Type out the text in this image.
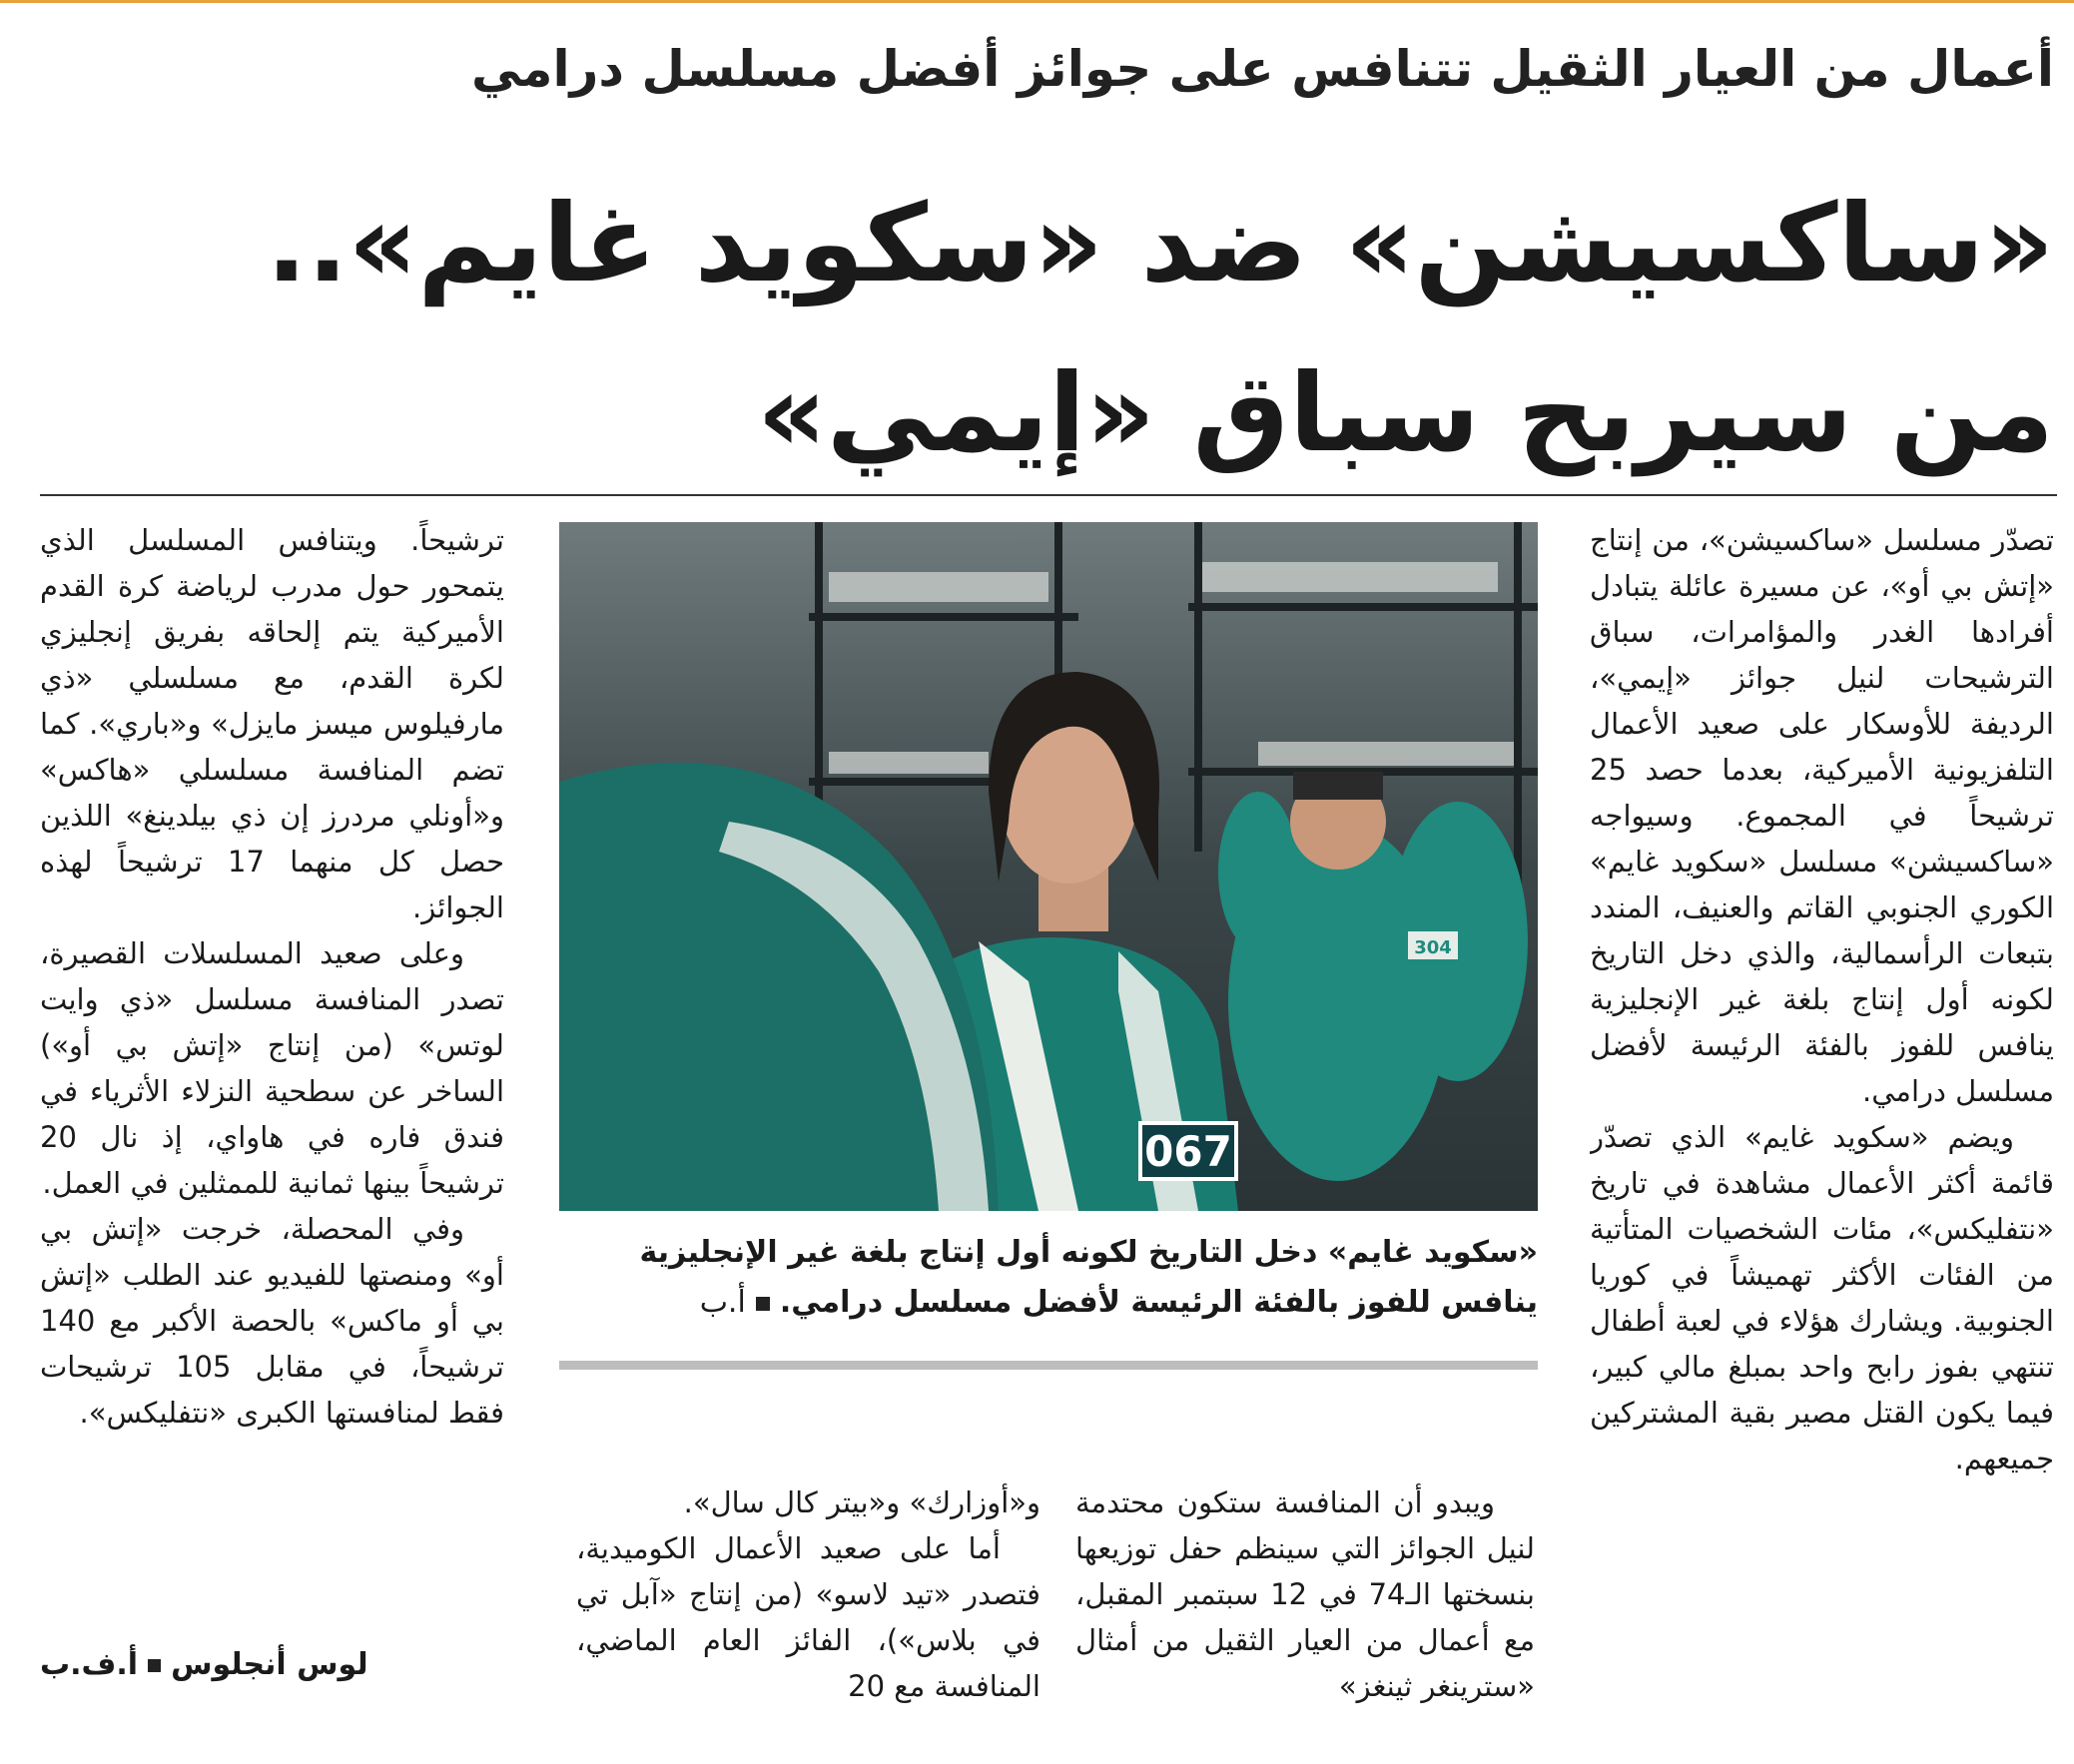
أعمال من العيار الثقيل تتنافس على جوائز أفضل مسلسل درامي
«ساكسيشن» ضد «سكويد غايم»..
من سيربح سباق «إيمي»

تصدّر مسلسل «ساكسيشن»، من إنتاج «إتش بي أو»، عن مسيرة عائلة يتبادل أفرادها الغدر والمؤامرات، سباق الترشيحات لنيل جوائز «إيمي»، الرديفة للأوسكار على صعيد الأعمال التلفزيونية الأميركية، بعدما حصد 25 ترشيحاً في المجموع. وسيواجه «ساكسيشن» مسلسل «سكويد غايم» الكوري الجنوبي القاتم والعنيف، المندد بتبعات الرأسمالية، والذي دخل التاريخ لكونه أول إنتاج بلغة غير الإنجليزية ينافس للفوز بالفئة الرئيسة لأفضل مسلسل درامي.

ويضم «سكويد غايم» الذي تصدّر قائمة أكثر الأعمال مشاهدة في تاريخ «نتفليكس»، مئات الشخصيات المتأتية من الفئات الأكثر تهميشاً في كوريا الجنوبية. ويشارك هؤلاء في لعبة أطفال تنتهي بفوز رابح واحد بمبلغ مالي كبير، فيما يكون القتل مصير بقية المشتركين جميعهم.

304
067
«سكويد غايم» دخل التاريخ لكونه أول إنتاج بلغة غير الإنجليزية ينافس للفوز بالفئة الرئيسة لأفضل مسلسل درامي.أ.ب

ويبدو أن المنافسة ستكون محتدمة لنيل الجوائز التي سينظم حفل توزيعها بنسختها الـ74 في 12 سبتمبر المقبل، مع أعمال من العيار الثقيل من أمثال «سترينغر ثينغز»

و«أوزارك» و«بيتر كال سال».

أما على صعيد الأعمال الكوميدية، فتصدر «تيد لاسو» (من إنتاج «آبل تي في بلاس»)، الفائز العام الماضي، المنافسة مع 20

ترشيحاً. ويتنافس المسلسل الذي يتمحور حول مدرب لرياضة كرة القدم الأميركية يتم إلحاقه بفريق إنجليزي لكرة القدم، مع مسلسلي «ذي مارفيلوس ميسز مايزل» و«باري». كما تضم المنافسة مسلسلي «هاكس» و«أونلي مردرز إن ذي بيلدينغ» اللذين حصل كل منهما 17 ترشيحاً لهذه الجوائز.

وعلى صعيد المسلسلات القصيرة، تصدر المنافسة مسلسل «ذي وايت لوتس» (من إنتاج «إتش بي أو») الساخر عن سطحية النزلاء الأثرياء في فندق فاره في هاواي، إذ نال 20 ترشيحاً بينها ثمانية للممثلين في العمل.

وفي المحصلة، خرجت «إتش بي أو» ومنصتها للفيديو عند الطلب «إتش بي أو ماكس» بالحصة الأكبر مع 140 ترشيحاً، في مقابل 105 ترشيحات فقط لمنافستها الكبرى «نتفليكس».

لوس أنجلوسأ.ف.ب
